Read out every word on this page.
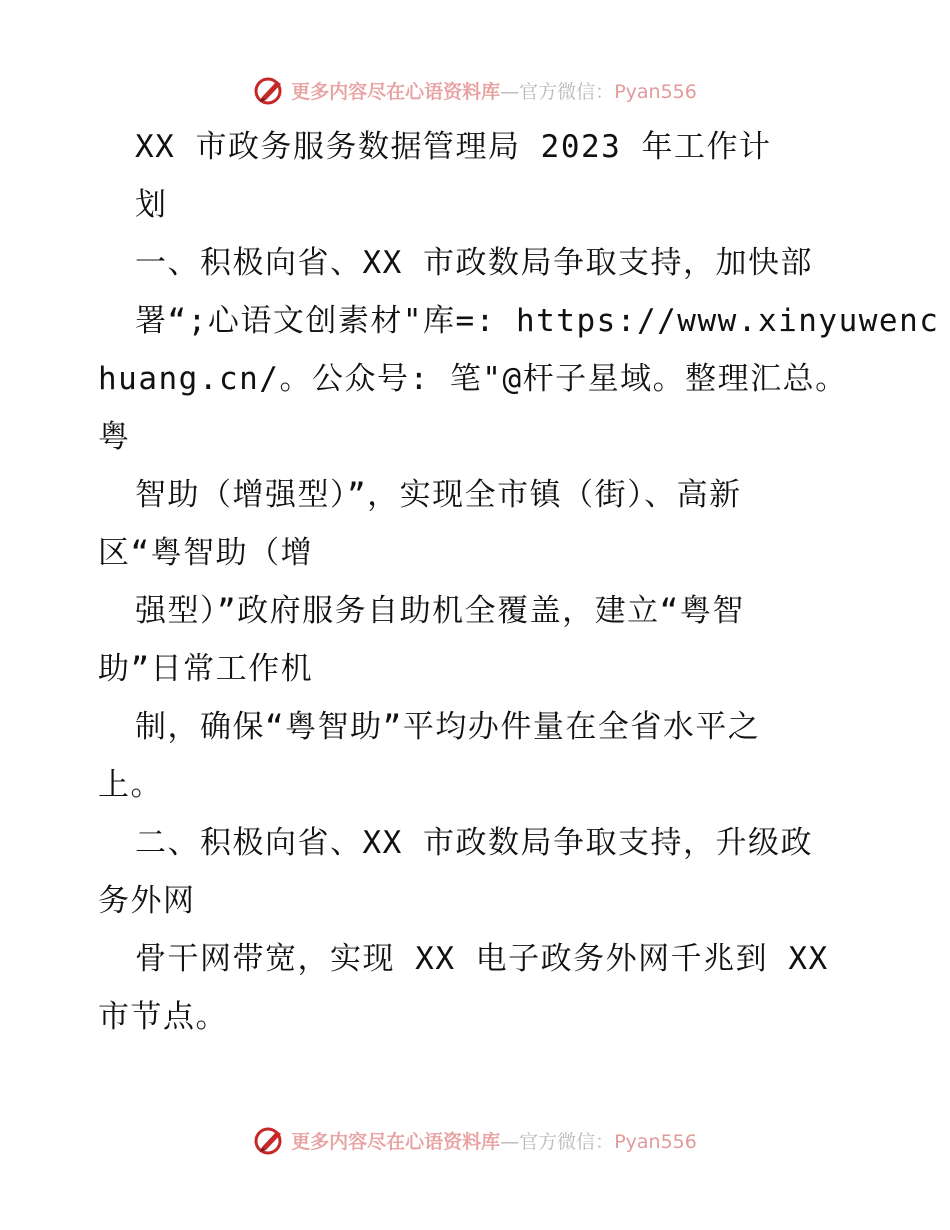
更多内容尽在心语资料库—官方微信：Pyan556
XX 市政务服务数据管理局 2023 年工作计
划
一、积极向省、XX 市政数局争取支持，加快部
署“;心语文创素材"库=: https://www.xinyuwenc
huang.cn/。公众号: 笔"@杆子星域。整理汇总。
粤
智助（增强型）”，实现全市镇（街）、高新
区“粤智助（增
强型）”政府服务自助机全覆盖，建立“粤智
助”日常工作机
制，确保“粤智助”平均办件量在全省水平之
上。
二、积极向省、XX 市政数局争取支持，升级政
务外网
骨干网带宽，实现 XX 电子政务外网千兆到 XX
市节点。
更多内容尽在心语资料库—官方微信：Pyan556
